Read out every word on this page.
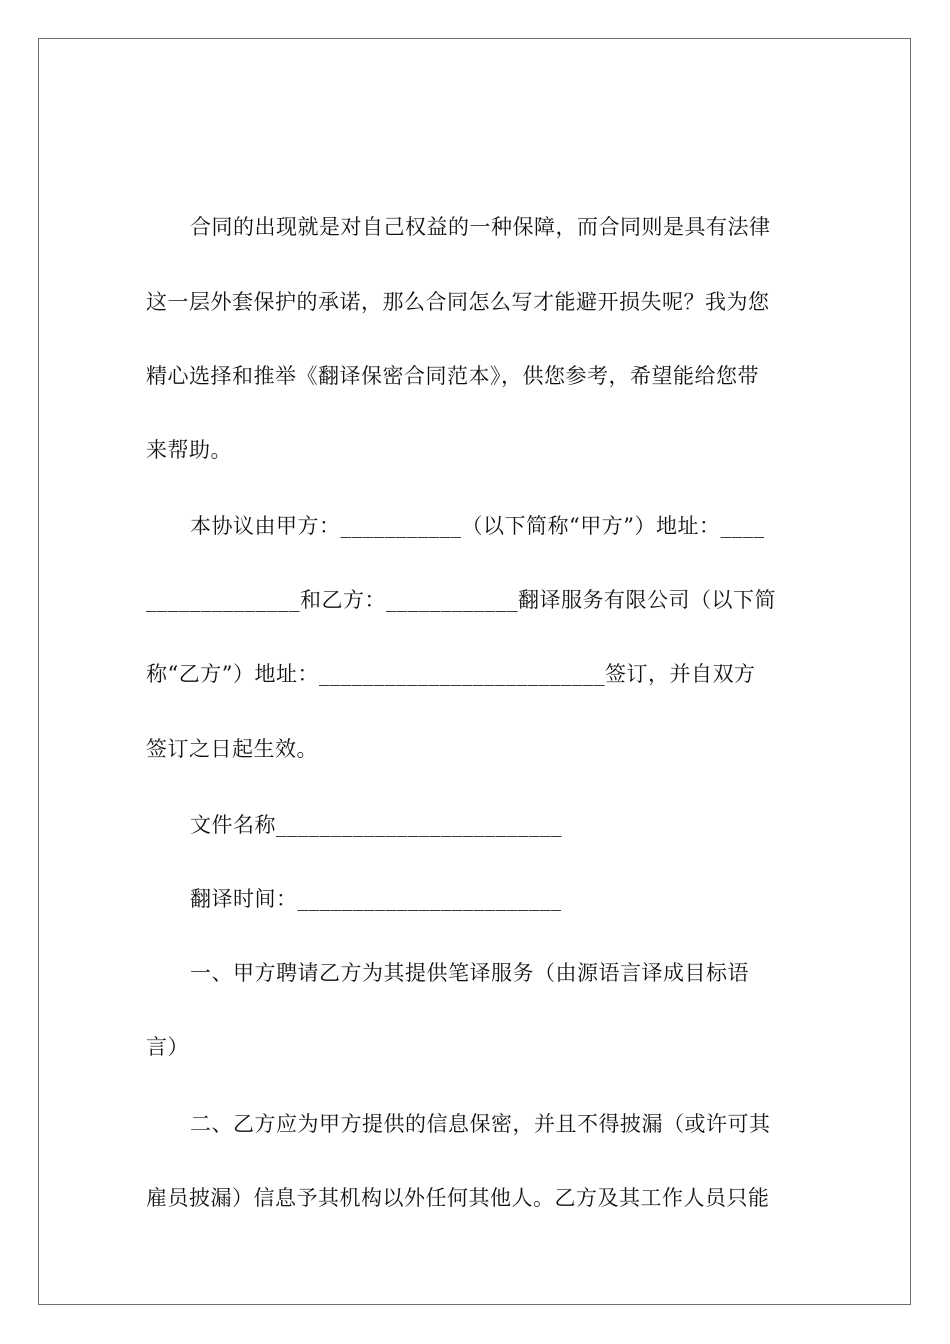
合同的出现就是对自己权益的一种保障，而合同则是具有法律
这一层外套保护的承诺，那么合同怎么写才能避开损失呢？我为您
精心选择和推举《翻译保密合同范本》，供您参考，希望能给您带
来帮助。
本协议由甲方：___________（以下简称“甲方”）地址：____
______________和乙方：____________翻译服务有限公司（以下简
称“乙方”）地址：__________________________签订，并自双方
签订之日起生效。
文件名称__________________________
翻译时间：________________________
一、甲方聘请乙方为其提供笔译服务（由源语言译成目标语
言）
二、乙方应为甲方提供的信息保密，并且不得披漏（或许可其
雇员披漏）信息予其机构以外任何其他人。乙方及其工作人员只能
